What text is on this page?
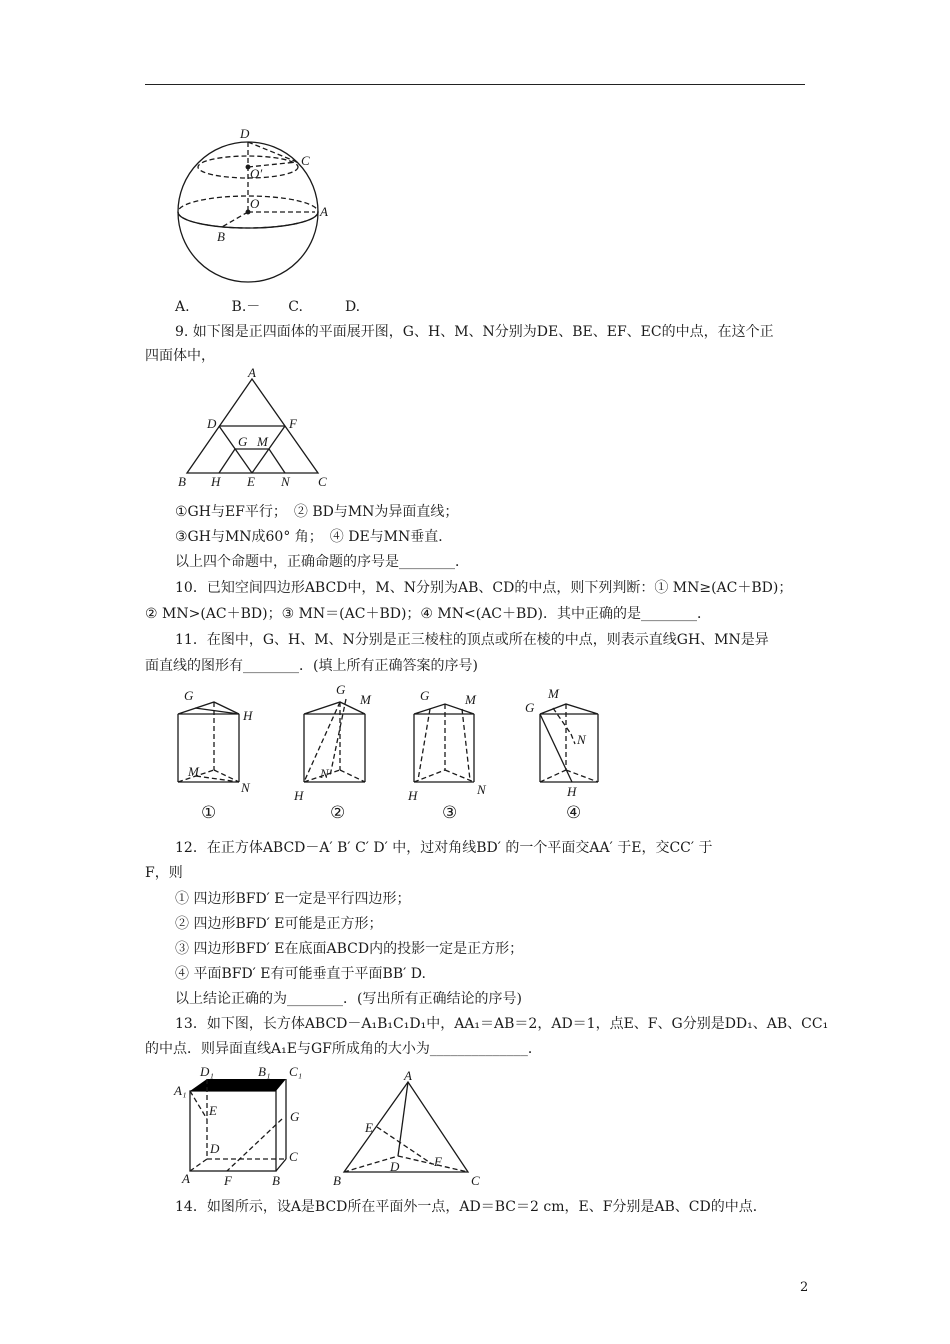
D
C
O′
O
A
B
A.　　　B.－　　C.　　　D.
9. 如下图是正四面体的平面展开图，G、H、M、N分别为DE、BE、EF、EC的中点，在这个正
四面体中，
A
D	F
G M
B H E N C
①GH与EF平行；　② BD与MN为异面直线；
③GH与MN成60° 角；　④ DE与MN垂直．
以上四个命题中，正确命题的序号是________．
10．已知空间四边形ABCD中，M、N分别为AB、CD的中点，则下列判断：① MN≥(AC＋BD)；
② MN>(AC＋BD)；③ MN＝(AC＋BD)；④ MN<(AC＋BD)．其中正确的是________．
11．在图中，G、H、M、N分别是正三棱柱的顶点或所在棱的中点，则表示直线GH、MN是异
面直线的图形有________．(填上所有正确答案的序号)
G
H
M
N
G
M
N
H
G	M
H	N
M
G
N
H
①	②	③	④
12．在正方体ABCD－A′ B′ C′ D′ 中，过对角线BD′ 的一个平面交AA′ 于E，交CC′ 于
F，则
① 四边形BFD′ E一定是平行四边形；
② 四边形BFD′ E可能是正方形；
③ 四边形BFD′ E在底面ABCD内的投影一定是正方形；
④ 平面BFD′ E有可能垂直于平面BB′ D.
以上结论正确的为________．(写出所有正确结论的序号)
13．如下图，长方体ABCD－A₁B₁C₁D₁中，AA₁＝AB＝2，AD＝1，点E、F、G分别是DD₁、AB、CC₁
的中点．则异面直线A₁E与GF所成角的大小为______________．
D₁	B₁ C₁
A₁
E	G
D
C
A	F	B
A
E
D	F
B	C
14．如图所示，设A是BCD所在平面外一点，AD＝BC＝2 cm，E、F分别是AB、CD的中点．
2
